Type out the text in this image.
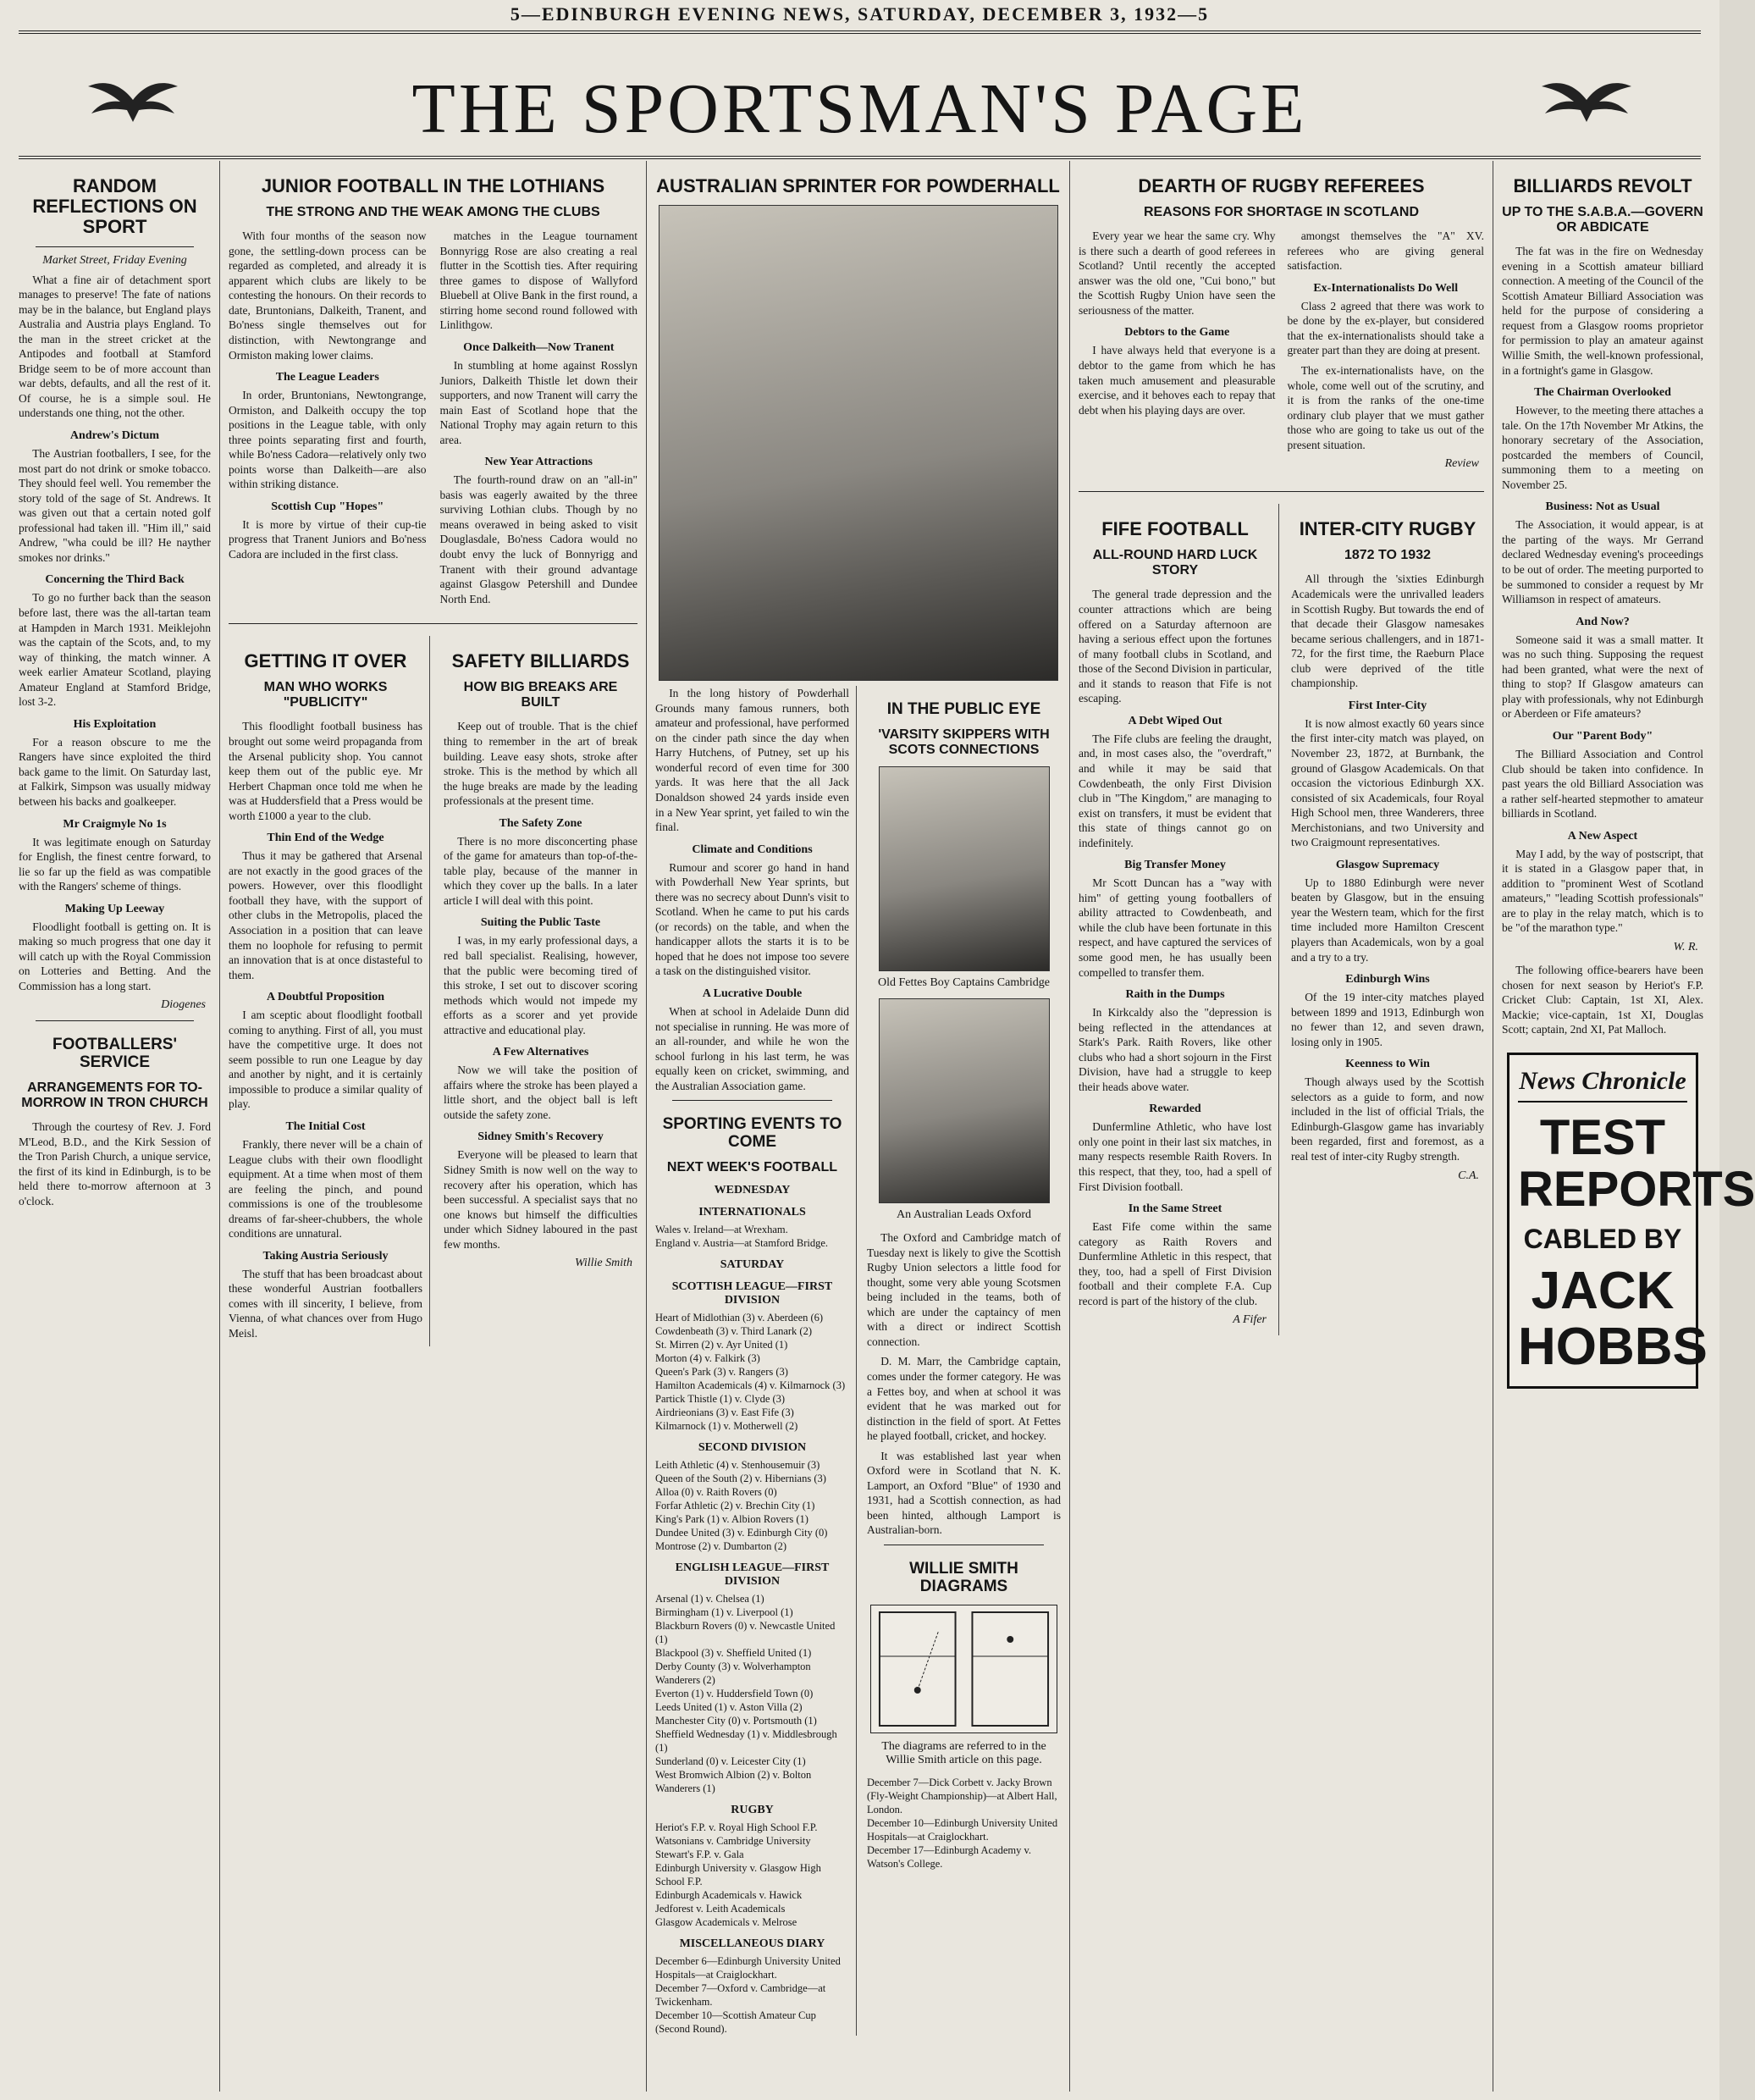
5—EDINBURGH EVENING NEWS, SATURDAY, DECEMBER 3, 1932—5
THE SPORTSMAN'S PAGE
RANDOM REFLECTIONS ON SPORT
Market Street, Friday Evening

What a fine air of detachment sport manages to preserve! The fate of nations may be in the balance, but England plays Australia and Austria plays England. To the man in the street cricket at the Antipodes and football at Stamford Bridge seem to be of more account than war debts, defaults, and all the rest of it. Of course, he is a simple soul. He understands one thing, not the other.

Andrew's Dictum

The Austrian footballers, I see, for the most part do not drink or smoke tobacco. They should feel well. You remember the story told of the sage of St. Andrews. It was given out that a certain noted golf professional had taken ill. "Him ill," said Andrew, "wha could be ill? He nayther smokes nor drinks."

Concerning the Third Back

To go no further back than the season before last, there was the all-tartan team at Hampden in March 1931. Meiklejohn was the captain of the Scots, and, to my way of thinking, the match winner. A week earlier Amateur Scotland, playing Amateur England at Stamford Bridge, lost 3-2.

His Exploitation

For a reason obscure to me the Rangers have since exploited the third back game to the limit. On Saturday last, at Falkirk, Simpson was usually midway between his backs and goalkeeper.

Mr Craigmyle No 1s

It was legitimate enough on Saturday for English, the finest centre forward, to lie so far up the field as was compatible with the Rangers' scheme of things.

Making Up Leeway

Floodlight football is getting on. It is making so much progress that one day it will catch up with the Royal Commission on Lotteries and Betting. And the Commission has a long start.

Diogenes
FOOTBALLERS' SERVICE
ARRANGEMENTS FOR TO-MORROW IN TRON CHURCH

Through the courtesy of Rev. J. Ford M'Leod, B.D., and the Kirk Session of the Tron Parish Church, a unique service, the first of its kind in Edinburgh, is to be held there to-morrow afternoon at 3 o'clock.

JUNIOR FOOTBALL IN THE LOTHIANS
THE STRONG AND THE WEAK AMONG THE CLUBS

With four months of the season now gone, the settling-down process can be regarded as completed, and already it is apparent which clubs are likely to be contesting the honours. On their records to date, Bruntonians, Dalkeith, Tranent, and Bo'ness single themselves out for distinction, with Newtongrange and Ormiston making lower claims.

The League Leaders

In order, Bruntonians, Newtongrange, Ormiston, and Dalkeith occupy the top positions in the League table, with only three points separating first and fourth, while Bo'ness Cadora—relatively only two points worse than Dalkeith—are also within striking distance.

Scottish Cup "Hopes"

It is more by virtue of their cup-tie progress that Tranent Juniors and Bo'ness Cadora are included in the first class.

matches in the League tournament Bonnyrigg Rose are also creating a real flutter in the Scottish ties. After requiring three games to dispose of Wallyford Bluebell at Olive Bank in the first round, a stirring home second round followed with Linlithgow.

Once Dalkeith—Now Tranent

In stumbling at home against Rosslyn Juniors, Dalkeith Thistle let down their supporters, and now Tranent will carry the main East of Scotland hope that the National Trophy may again return to this area.

New Year Attractions

The fourth-round draw on an "all-in" basis was eagerly awaited by the three surviving Lothian clubs. Though by no means overawed in being asked to visit Douglasdale, Bo'ness Cadora would no doubt envy the luck of Bonnyrigg and Tranent with their ground advantage against Glasgow Petershill and Dundee North End.

GETTING IT OVER
MAN WHO WORKS "PUBLICITY"

This floodlight football business has brought out some weird propaganda from the Arsenal publicity shop. You cannot keep them out of the public eye. Mr Herbert Chapman once told me when he was at Huddersfield that a Press would be worth £1000 a year to the club.

Thin End of the Wedge

Thus it may be gathered that Arsenal are not exactly in the good graces of the powers. However, over this floodlight football they have, with the support of other clubs in the Metropolis, placed the Association in a position that can leave them no loophole for refusing to permit an innovation that is at once distasteful to them.

A Doubtful Proposition

I am sceptic about floodlight football coming to anything. First of all, you must have the competitive urge. It does not seem possible to run one League by day and another by night, and it is certainly impossible to produce a similar quality of play.

The Initial Cost

Frankly, there never will be a chain of League clubs with their own floodlight equipment. At a time when most of them are feeling the pinch, and pound commissions is one of the troublesome dreams of far-sheer-chubbers, the whole conditions are unnatural.

Taking Austria Seriously

The stuff that has been broadcast about these wonderful Austrian footballers comes with ill sincerity, I believe, from Vienna, of what chances over from Hugo Meisl.

SAFETY BILLIARDS
HOW BIG BREAKS ARE BUILT

Keep out of trouble. That is the chief thing to remember in the art of break building. Leave easy shots, stroke after stroke. This is the method by which all the huge breaks are made by the leading professionals at the present time.

The Safety Zone

There is no more disconcerting phase of the game for amateurs than top-of-the-table play, because of the manner in which they cover up the balls. In a later article I will deal with this point.

Suiting the Public Taste

I was, in my early professional days, a red ball specialist. Realising, however, that the public were becoming tired of this stroke, I set out to discover scoring methods which would not impede my efforts as a scorer and yet provide attractive and educational play.

A Few Alternatives

Now we will take the position of affairs where the stroke has been played a little short, and the object ball is left outside the safety zone.

Sidney Smith's Recovery

Everyone will be pleased to learn that Sidney Smith is now well on the way to recovery after his operation, which has been successful. A specialist says that no one knows but himself the difficulties under which Sidney laboured in the past few months.

Willie Smith
AUSTRALIAN SPRINTER FOR POWDERHALL

In the long history of Powderhall Grounds many famous runners, both amateur and professional, have performed on the cinder path since the day when Harry Hutchens, of Putney, set up his wonderful record of even time for 300 yards. It was here that the all Jack Donaldson showed 24 yards inside even in a New Year sprint, yet failed to win the final.

Climate and Conditions

Rumour and scorer go hand in hand with Powderhall New Year sprints, but there was no secrecy about Dunn's visit to Scotland. When he came to put his cards (or records) on the table, and when the handicapper allots the starts it is to be hoped that he does not impose too severe a task on the distinguished visitor.

A Lucrative Double

When at school in Adelaide Dunn did not specialise in running. He was more of an all-rounder, and while he won the school furlong in his last term, he was equally keen on cricket, swimming, and the Australian Association game.

SPORTING EVENTS TO COME
NEXT WEEK'S FOOTBALL
WEDNESDAY
INTERNATIONALS
Wales v. Ireland—at Wrexham.
England v. Austria—at Stamford Bridge.
SATURDAY
SCOTTISH LEAGUE—FIRST DIVISION
Heart of Midlothian (3) v. Aberdeen (6)
Cowdenbeath (3) v. Third Lanark (2)
St. Mirren (2) v. Ayr United (1)
Morton (4) v. Falkirk (3)
Queen's Park (3) v. Rangers (3)
Hamilton Academicals (4) v. Kilmarnock (3)
Partick Thistle (1) v. Clyde (3)
Airdrieonians (3) v. East Fife (3)
Kilmarnock (1) v. Motherwell (2)
SECOND DIVISION
Leith Athletic (4) v. Stenhousemuir (3)
Queen of the South (2) v. Hibernians (3)
Alloa (0) v. Raith Rovers (0)
Forfar Athletic (2) v. Brechin City (1)
King's Park (1) v. Albion Rovers (1)
Dundee United (3) v. Edinburgh City (0)
Montrose (2) v. Dumbarton (2)
ENGLISH LEAGUE—FIRST DIVISION
Arsenal (1) v. Chelsea (1)
Birmingham (1) v. Liverpool (1)
Blackburn Rovers (0) v. Newcastle United (1)
Blackpool (3) v. Sheffield United (1)
Derby County (3) v. Wolverhampton Wanderers (2)
Everton (1) v. Huddersfield Town (0)
Leeds United (1) v. Aston Villa (2)
Manchester City (0) v. Portsmouth (1)
Sheffield Wednesday (1) v. Middlesbrough (1)
Sunderland (0) v. Leicester City (1)
West Bromwich Albion (2) v. Bolton Wanderers (1)
RUGBY
Heriot's F.P. v. Royal High School F.P.
Watsonians v. Cambridge University
Stewart's F.P. v. Gala
Edinburgh University v. Glasgow High School F.P.
Edinburgh Academicals v. Hawick
Jedforest v. Leith Academicals
Glasgow Academicals v. Melrose
MISCELLANEOUS DIARY
December 6—Edinburgh University United Hospitals—at Craiglockhart.
December 7—Oxford v. Cambridge—at Twickenham.
December 10—Scottish Amateur Cup (Second Round).
IN THE PUBLIC EYE
'VARSITY SKIPPERS WITH SCOTS CONNECTIONS
Old Fettes Boy Captains Cambridge
An Australian Leads Oxford

The Oxford and Cambridge match of Tuesday next is likely to give the Scottish Rugby Union selectors a little food for thought, some very able young Scotsmen being included in the teams, both of which are under the captaincy of men with a direct or indirect Scottish connection.

D. M. Marr, the Cambridge captain, comes under the former category. He was a Fettes boy, and when at school it was evident that he was marked out for distinction in the field of sport. At Fettes he played football, cricket, and hockey.

It was established last year when Oxford were in Scotland that N. K. Lamport, an Oxford "Blue" of 1930 and 1931, had a Scottish connection, as had been hinted, although Lamport is Australian-born.

WILLIE SMITH DIAGRAMS
The diagrams are referred to in the Willie Smith article on this page.
December 7—Dick Corbett v. Jacky Brown (Fly-Weight Championship)—at Albert Hall, London.
December 10—Edinburgh University United Hospitals—at Craiglockhart.
December 17—Edinburgh Academy v. Watson's College.
DEARTH OF RUGBY REFEREES
REASONS FOR SHORTAGE IN SCOTLAND

Every year we hear the same cry. Why is there such a dearth of good referees in Scotland? Until recently the accepted answer was the old one, "Cui bono," but the Scottish Rugby Union have seen the seriousness of the matter.

Debtors to the Game

I have always held that everyone is a debtor to the game from which he has taken much amusement and pleasurable exercise, and it behoves each to repay that debt when his playing days are over.

amongst themselves the "A" XV. referees who are giving general satisfaction.

Ex-Internationalists Do Well

Class 2 agreed that there was work to be done by the ex-player, but considered that the ex-internationalists should take a greater part than they are doing at present.

The ex-internationalists have, on the whole, come well out of the scrutiny, and it is from the ranks of the one-time ordinary club player that we must gather those who are going to take us out of the present situation.

Review
FIFE FOOTBALL
ALL-ROUND HARD LUCK STORY

The general trade depression and the counter attractions which are being offered on a Saturday afternoon are having a serious effect upon the fortunes of many football clubs in Scotland, and those of the Second Division in particular, and it stands to reason that Fife is not escaping.

A Debt Wiped Out

The Fife clubs are feeling the draught, and, in most cases also, the "overdraft," and while it may be said that Cowdenbeath, the only First Division club in "The Kingdom," are managing to exist on transfers, it must be evident that this state of things cannot go on indefinitely.

Big Transfer Money

Mr Scott Duncan has a "way with him" of getting young footballers of ability attracted to Cowdenbeath, and while the club have been fortunate in this respect, and have captured the services of some good men, he has usually been compelled to transfer them.

Raith in the Dumps

In Kirkcaldy also the "depression is being reflected in the attendances at Stark's Park. Raith Rovers, like other clubs who had a short sojourn in the First Division, have had a struggle to keep their heads above water.

Rewarded

Dunfermline Athletic, who have lost only one point in their last six matches, in many respects resemble Raith Rovers. In this respect, that they, too, had a spell of First Division football.

In the Same Street

East Fife come within the same category as Raith Rovers and Dunfermline Athletic in this respect, that they, too, had a spell of First Division football and their complete F.A. Cup record is part of the history of the club.

A Fifer
INTER-CITY RUGBY
1872 TO 1932

All through the 'sixties Edinburgh Academicals were the unrivalled leaders in Scottish Rugby. But towards the end of that decade their Glasgow namesakes became serious challengers, and in 1871-72, for the first time, the Raeburn Place club were deprived of the title championship.

First Inter-City

It is now almost exactly 60 years since the first inter-city match was played, on November 23, 1872, at Burnbank, the ground of Glasgow Academicals. On that occasion the victorious Edinburgh XX. consisted of six Academicals, four Royal High School men, three Wanderers, three Merchistonians, and two University and two Craigmount representatives.

Glasgow Supremacy

Up to 1880 Edinburgh were never beaten by Glasgow, but in the ensuing year the Western team, which for the first time included more Hamilton Crescent players than Academicals, won by a goal and a try to a try.

Edinburgh Wins

Of the 19 inter-city matches played between 1899 and 1913, Edinburgh won no fewer than 12, and seven drawn, losing only in 1905.

Keenness to Win

Though always used by the Scottish selectors as a guide to form, and now included in the list of official Trials, the Edinburgh-Glasgow game has invariably been regarded, first and foremost, as a real test of inter-city Rugby strength.

C.A.
BILLIARDS REVOLT
UP TO THE S.A.B.A.—GOVERN OR ABDICATE

The fat was in the fire on Wednesday evening in a Scottish amateur billiard connection. A meeting of the Council of the Scottish Amateur Billiard Association was held for the purpose of considering a request from a Glasgow rooms proprietor for permission to play an amateur against Willie Smith, the well-known professional, in a fortnight's game in Glasgow.

The Chairman Overlooked

However, to the meeting there attaches a tale. On the 17th November Mr Atkins, the honorary secretary of the Association, postcarded the members of Council, summoning them to a meeting on November 25.

Business: Not as Usual

The Association, it would appear, is at the parting of the ways. Mr Gerrand declared Wednesday evening's proceedings to be out of order. The meeting purported to be summoned to consider a request by Mr Williamson in respect of amateurs.

And Now?

Someone said it was a small matter. It was no such thing. Supposing the request had been granted, what were the next of thing to stop? If Glasgow amateurs can play with professionals, why not Edinburgh or Aberdeen or Fife amateurs?

Our "Parent Body"

The Billiard Association and Control Club should be taken into confidence. In past years the old Billiard Association was a rather self-hearted stepmother to amateur billiards in Scotland.

A New Aspect

May I add, by the way of postscript, that it is stated in a Glasgow paper that, in addition to "prominent West of Scotland amateurs," "leading Scottish professionals" are to play in the relay match, which is to be "of the marathon type."

W. R.

The following office-bearers have been chosen for next season by Heriot's F.P. Cricket Club: Captain, 1st XI, Alex. Mackie; vice-captain, 1st XI, Douglas Scott; captain, 2nd XI, Pat Malloch.

News Chronicle
TEST
REPORTS
CABLED BY
JACK
HOBBS
